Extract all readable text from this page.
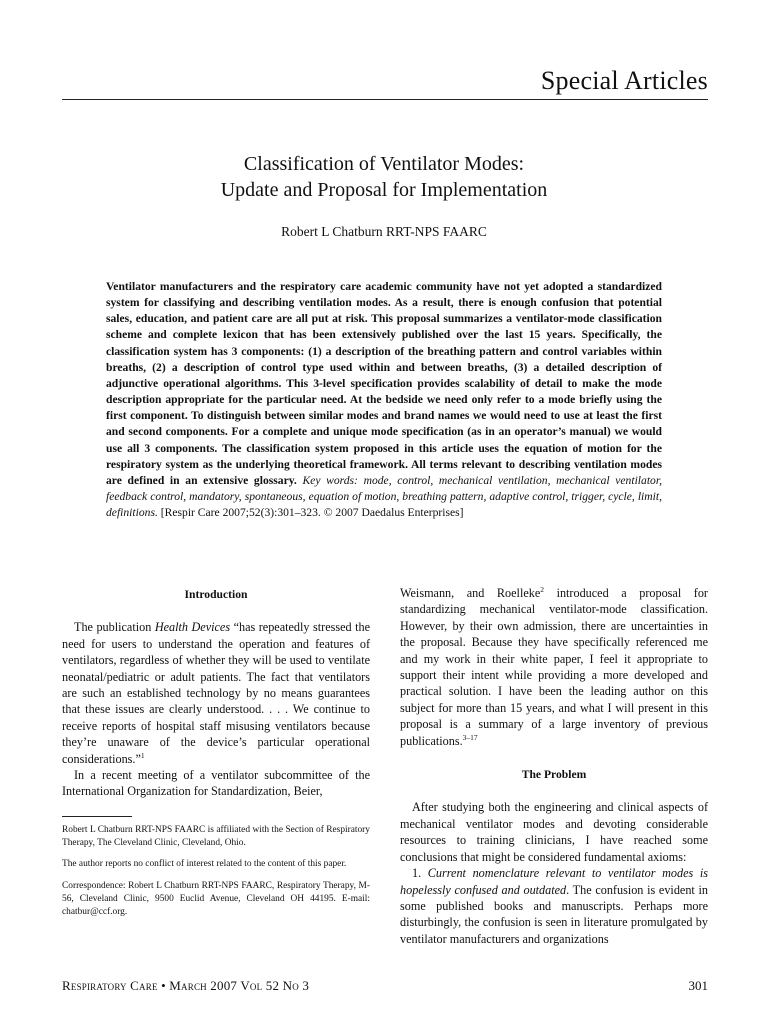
Special Articles
Classification of Ventilator Modes:
Update and Proposal for Implementation
Robert L Chatburn RRT-NPS FAARC
Ventilator manufacturers and the respiratory care academic community have not yet adopted a standardized system for classifying and describing ventilation modes. As a result, there is enough confusion that potential sales, education, and patient care are all put at risk. This proposal summarizes a ventilator-mode classification scheme and complete lexicon that has been extensively published over the last 15 years. Specifically, the classification system has 3 components: (1) a description of the breathing pattern and control variables within breaths, (2) a description of control type used within and between breaths, (3) a detailed description of adjunctive operational algorithms. This 3-level specification provides scalability of detail to make the mode description appropriate for the particular need. At the bedside we need only refer to a mode briefly using the first component. To distinguish between similar modes and brand names we would need to use at least the first and second components. For a complete and unique mode specification (as in an operator’s manual) we would use all 3 components. The classification system proposed in this article uses the equation of motion for the respiratory system as the underlying theoretical framework. All terms relevant to describing ventilation modes are defined in an extensive glossary. Key words: mode, control, mechanical ventilation, mechanical ventilator, feedback control, mandatory, spontaneous, equation of motion, breathing pattern, adaptive control, trigger, cycle, limit, definitions. [Respir Care 2007;52(3):301–323. © 2007 Daedalus Enterprises]
Introduction

The publication Health Devices “has repeatedly stressed the need for users to understand the operation and features of ventilators, regardless of whether they will be used to ventilate neonatal/pediatric or adult patients. The fact that ventilators are such an established technology by no means guarantees that these issues are clearly understood. . . . We continue to receive reports of hospital staff misusing ventilators because they’re unaware of the device’s particular operational considerations.”$^1$

In a recent meeting of a ventilator subcommittee of the International Organization for Standardization, Beier,

Robert L Chatburn RRT-NPS FAARC is affiliated with the Section of Respiratory Therapy, The Cleveland Clinic, Cleveland, Ohio.

The author reports no conflict of interest related to the content of this paper.

Correspondence: Robert L Chatburn RRT-NPS FAARC, Respiratory Therapy, M-56, Cleveland Clinic, 9500 Euclid Avenue, Cleveland OH 44195. E-mail: chatbur@ccf.org.

Weismann, and Roelleke$^2$ introduced a proposal for standardizing mechanical ventilator-mode classification. However, by their own admission, there are uncertainties in the proposal. Because they have specifically referenced me and my work in their white paper, I feel it appropriate to support their intent while providing a more developed and practical solution. I have been the leading author on this subject for more than 15 years, and what I will present in this proposal is a summary of a large inventory of previous publications.$^{3-17}$

The Problem

After studying both the engineering and clinical aspects of mechanical ventilator modes and devoting considerable resources to training clinicians, I have reached some conclusions that might be considered fundamental axioms:

1. Current nomenclature relevant to ventilator modes is hopelessly confused and outdated. The confusion is evident in some published books and manuscripts. Perhaps more disturbingly, the confusion is seen in literature promulgated by ventilator manufacturers and organizations

Respiratory Care • March 2007 Vol 52 No 3	301
